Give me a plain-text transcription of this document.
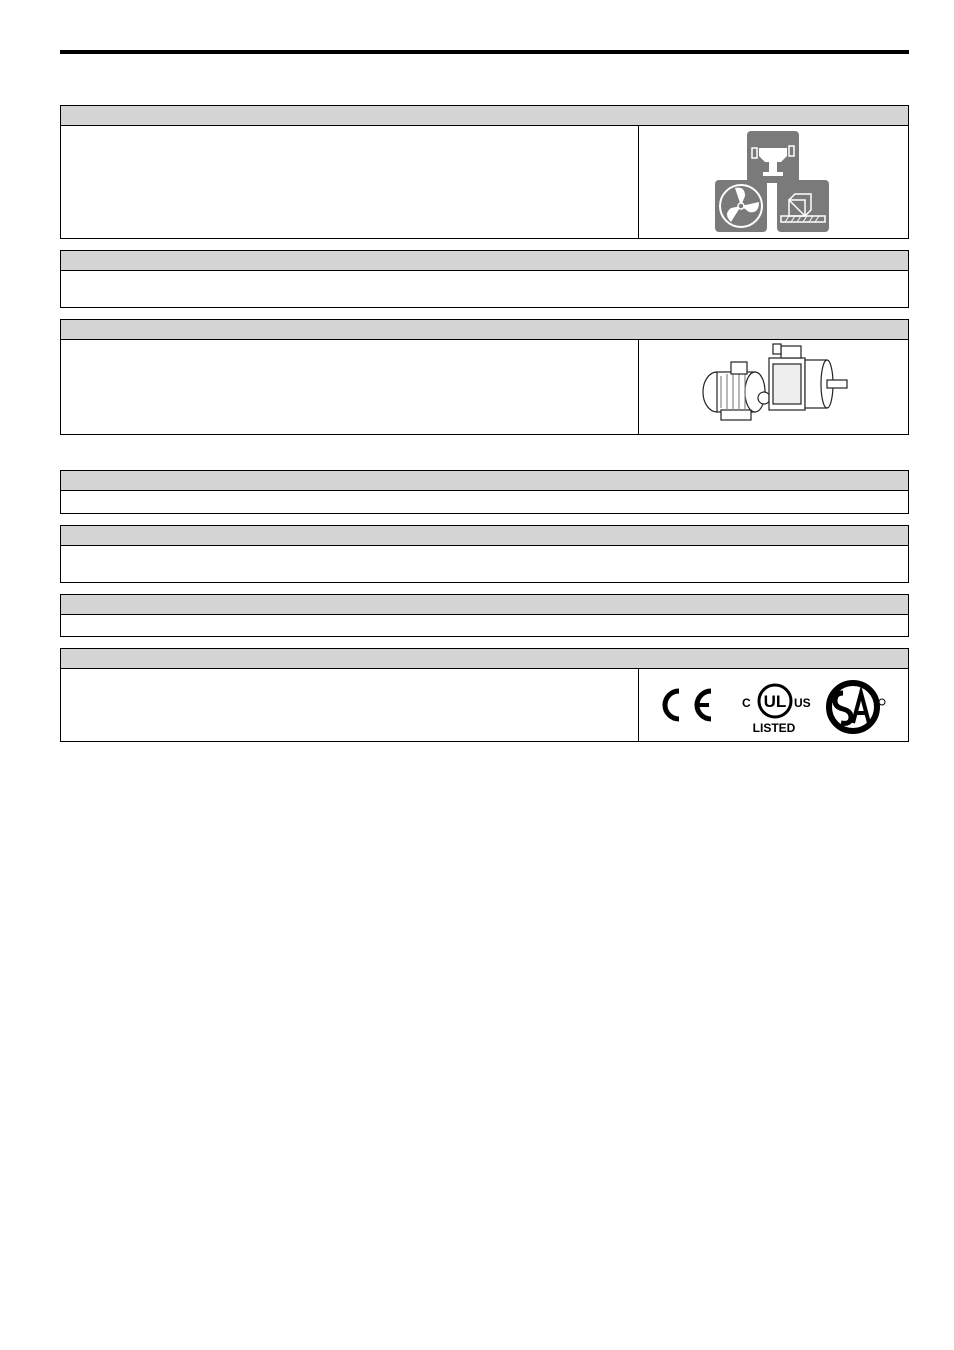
UL
C	US
LISTED
